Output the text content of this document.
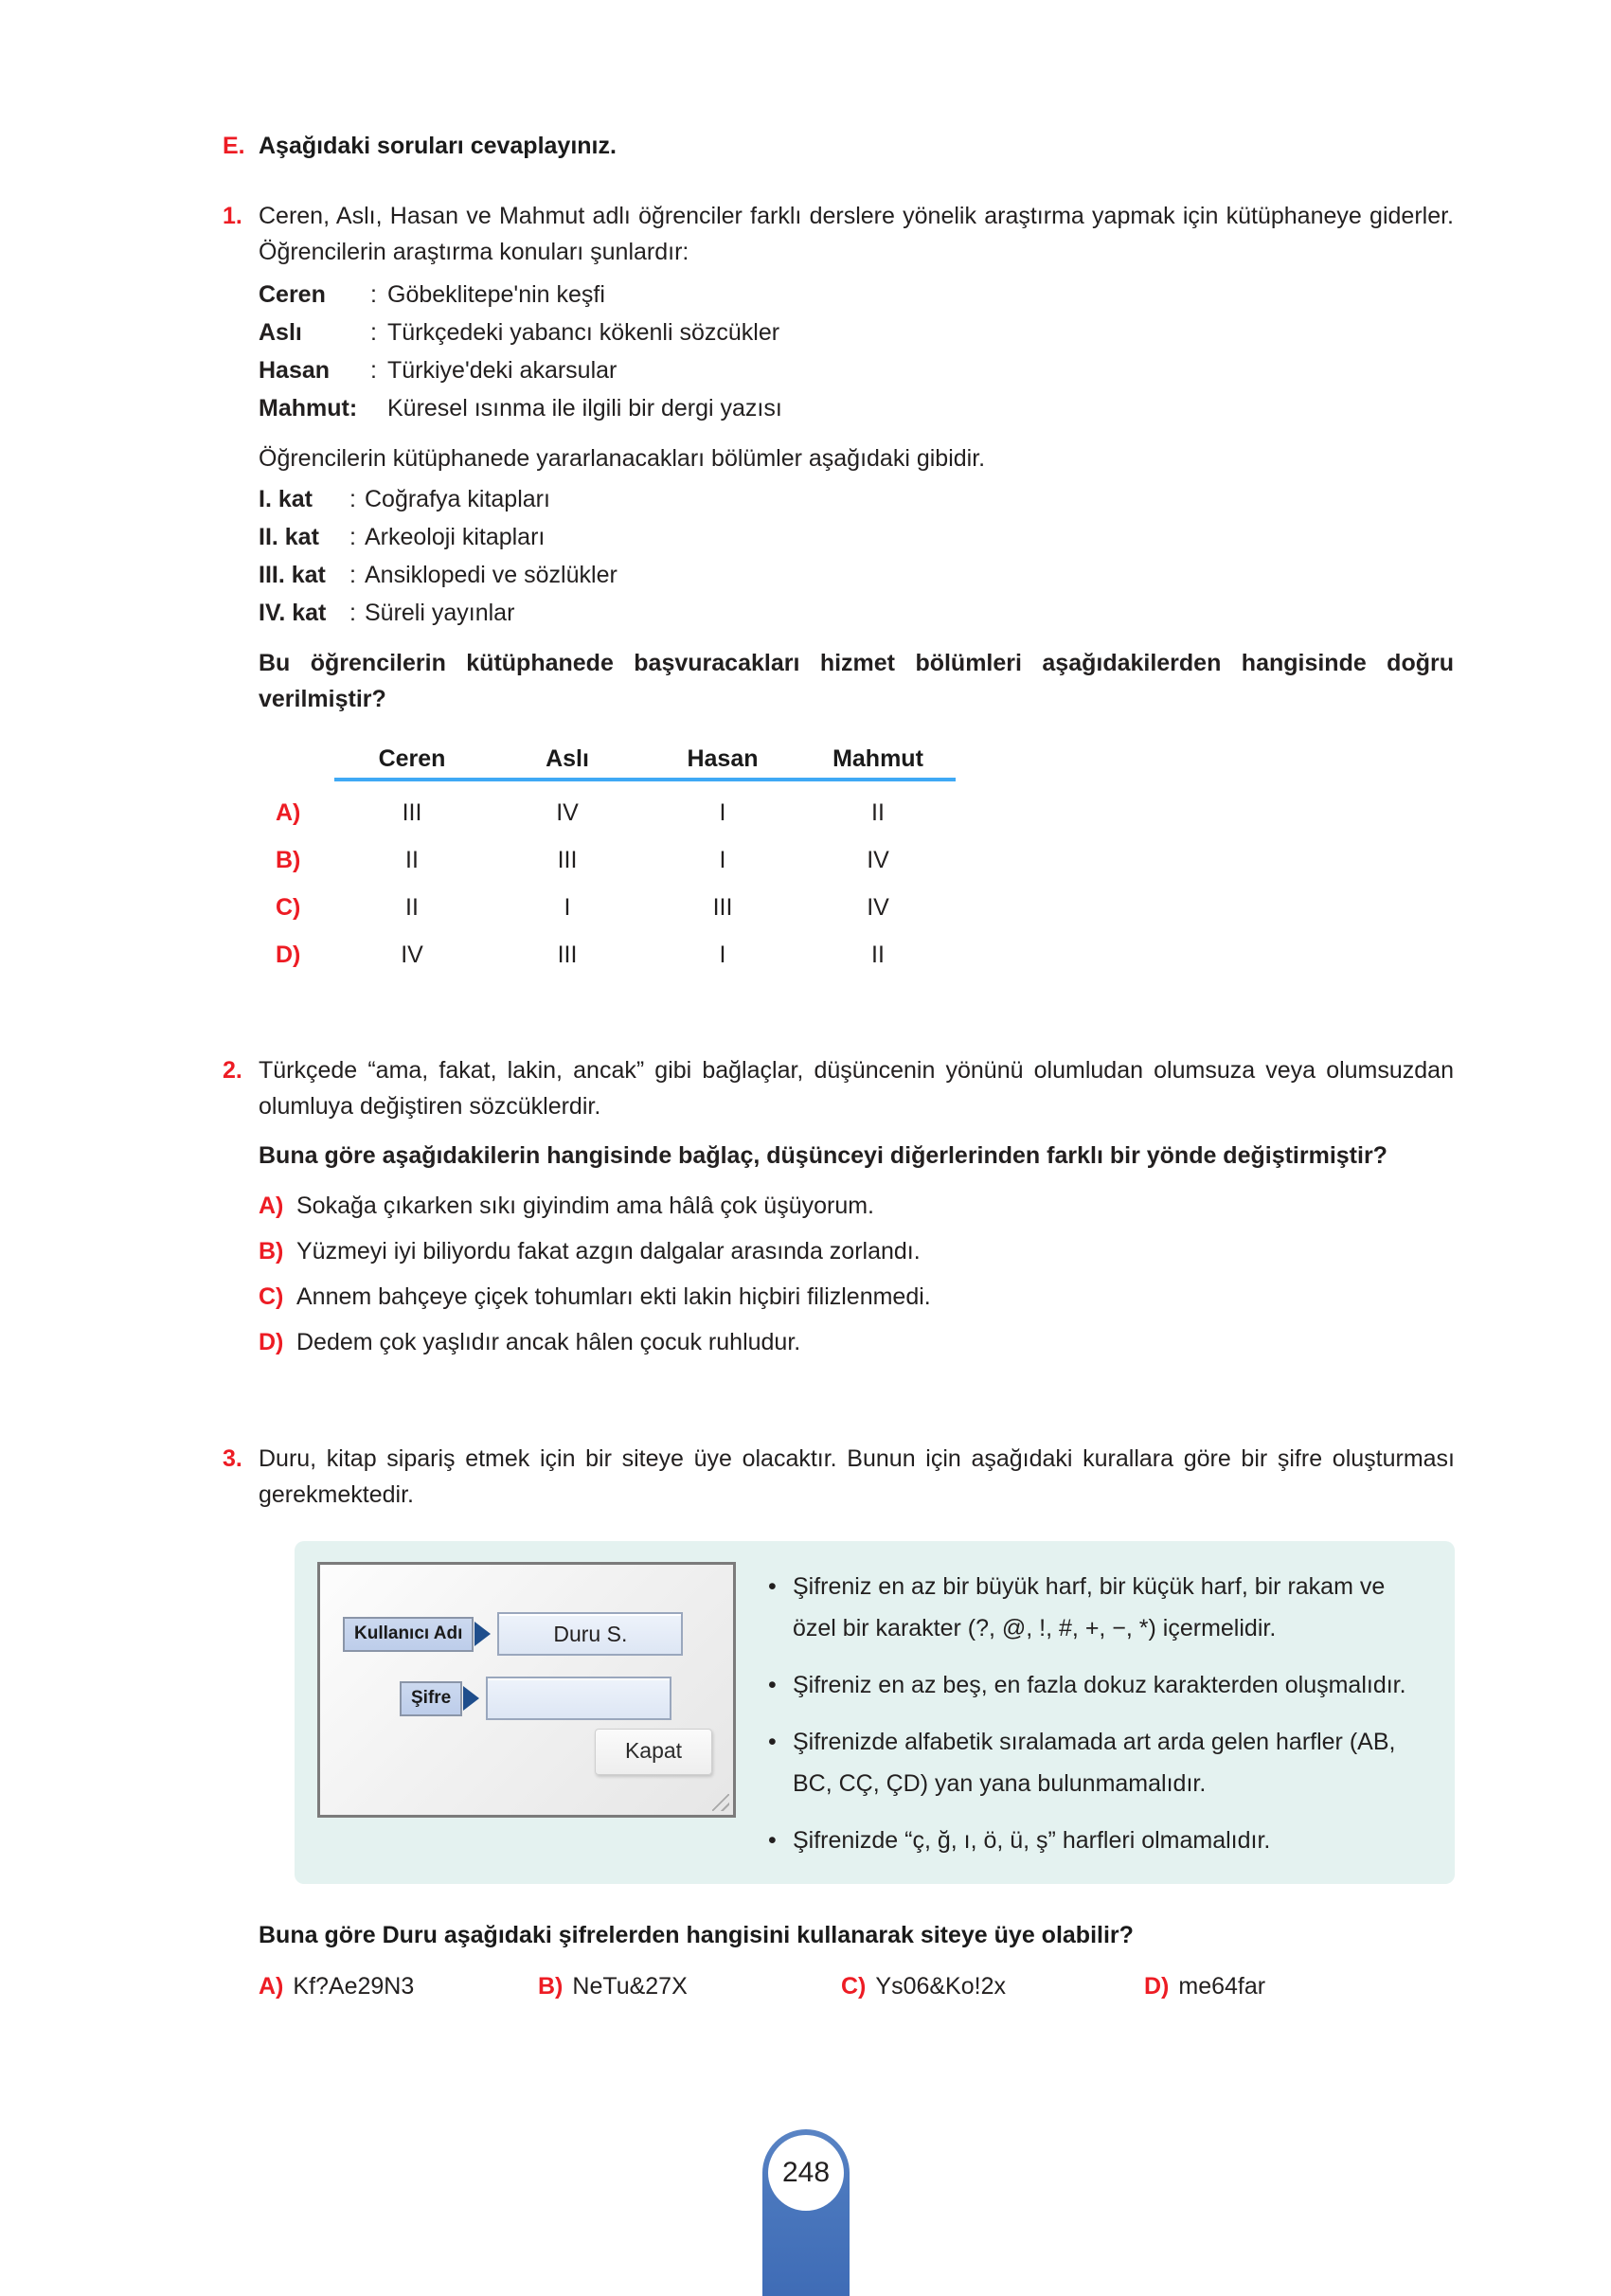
E. Aşağıdaki soruları cevaplayınız.
1. Ceren, Aslı, Hasan ve Mahmut adlı öğrenciler farklı derslere yönelik araştırma yapmak için kütüphaneye giderler. Öğrencilerin araştırma konuları şunlardır:
Ceren	: Göbeklitepe'nin keşfi
Aslı	: Türkçedeki yabancı kökenli sözcükler
Hasan	: Türkiye'deki akarsular
Mahmut:	Küresel ısınma ile ilgili bir dergi yazısı
Öğrencilerin kütüphanede yararlanacakları bölümler aşağıdaki gibidir.
I. kat	: Coğrafya kitapları
II. kat	: Arkeoloji kitapları
III. kat	: Ansiklopedi ve sözlükler
IV. kat : Süreli yayınlar
Bu öğrencilerin kütüphanede başvuracakları hizmet bölümleri aşağıdakilerden hangisinde doğru verilmiştir?
	Ceren	Aslı	Hasan	Mahmut

A)	III	IV	I	II
B)	II	III	I	IV
C)	II	I	III	IV
D)	IV	III	I	II
2. Türkçede “ama, fakat, lakin, ancak” gibi bağlaçlar, düşüncenin yönünü olumludan olumsuza veya olumsuzdan olumluya değiştiren sözcüklerdir.
Buna göre aşağıdakilerin hangisinde bağlaç, düşünceyi diğerlerinden farklı bir yönde değiştirmiştir?
A) Sokağa çıkarken sıkı giyindim ama hâlâ çok üşüyorum.
B) Yüzmeyi iyi biliyordu fakat azgın dalgalar arasında zorlandı.
C) Annem bahçeye çiçek tohumları ekti lakin hiçbiri filizlenmedi.
D) Dedem çok yaşlıdır ancak hâlen çocuk ruhludur.
3. Duru, kitap sipariş etmek için bir siteye üye olacaktır. Bunun için aşağıdaki kurallara göre bir şifre oluşturması gerekmektedir.
Kullanıcı Adı	Duru S.
Şifre
Kapat
• Şifreniz en az bir büyük harf, bir küçük harf, bir rakam ve özel bir karakter (?, @, !, #, +, −, *) içermelidir.
• Şifreniz en az beş, en fazla dokuz karakterden oluşmalıdır.
• Şifrenizde alfabetik sıralamada art arda gelen harfler (AB, BC, CÇ, ÇD) yan yana bulunmamalıdır.
• Şifrenizde “ç, ğ, ı, ö, ü, ş” harfleri olmamalıdır.
Buna göre Duru aşağıdaki şifrelerden hangisini kullanarak siteye üye olabilir?
A) Kf?Ae29N3	B) NeTu&27X	C) Ys06&Ko!2x	D) me64far
248
